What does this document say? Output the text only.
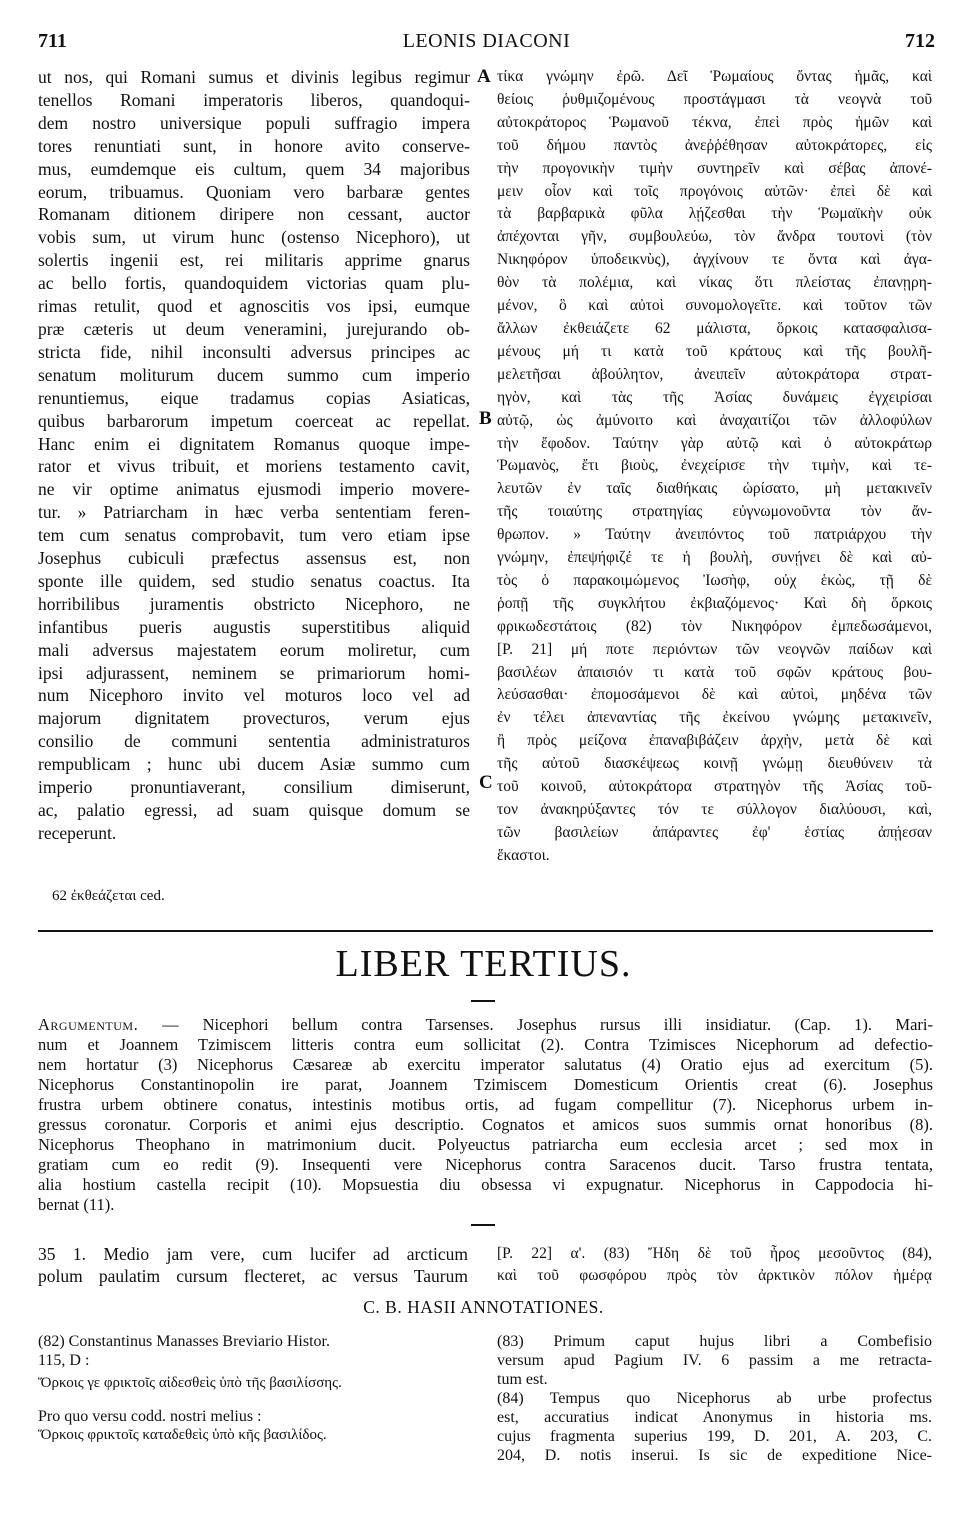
711	LEONIS DIACONI	712
ut nos, qui Romani sumus et divinis legibus regimur
tenellos Romani imperatoris liberos, quandoqui-
dem nostro universique populi suffragio impera
tores renuntiati sunt, in honore avito conserve-
mus, eumdemque eis cultum, quem 34 majoribus
eorum, tribuamus. Quoniam vero barbaræ gentes
Romanam ditionem diripere non cessant, auctor
vobis sum, ut virum hunc (ostenso Nicephoro), ut
solertis ingenii est, rei militaris apprime gnarus
ac bello fortis, quandoquidem victorias quam plu-
rimas retulit, quod et agnoscitis vos ipsi, eumque
præ cæteris ut deum veneramini, jurejurando ob-
stricta fide, nihil inconsulti adversus principes ac
senatum moliturum ducem summo cum imperio
renuntiemus, eique tradamus copias Asiaticas,
quibus barbarorum impetum coerceat ac repellat.
Hanc enim ei dignitatem Romanus quoque impe-
rator et vivus tribuit, et moriens testamento cavit,
ne vir optime animatus ejusmodi imperio movere-
tur. » Patriarcham in hæc verba sententiam feren-
tem cum senatus comprobavit, tum vero etiam ipse
Josephus cubiculi præfectus assensus est, non
sponte ille quidem, sed studio senatus coactus. Ita
horribilibus juramentis obstricto Nicephoro, ne
infantibus pueris augustis superstitibus aliquid
mali adversus majestatem eorum moliretur, cum
ipsi adjurassent, neminem se primariorum homi-
num Nicephoro invito vel moturos loco vel ad
majorum dignitatem provecturos, verum ejus
consilio de communi sententia administraturos
rempublicam ; hunc ubi ducem Asiæ summo cum
imperio pronuntiaverant, consilium dimiserunt,
ac, palatio egressi, ad suam quisque domum se
receperunt.
τίκα γνώμην ἐρῶ. Δεῖ Ῥωμαίους ὄντας ἡμᾶς, καὶ
θείοις ῥυθμιζομένους προστάγμασι τὰ νεογνὰ τοῦ
αὐτοκράτορος Ῥωμανοῦ τέκνα, ἐπεὶ πρὸς ἡμῶν καὶ
τοῦ δήμου παντὸς ἀνεῤῥέθησαν αὐτοκράτορες, εἰς
τὴν προγονικὴν τιμὴν συντηρεῖν καὶ σέβας ἀπονέ-
μειν οἷον καὶ τοῖς προγόνοις αὐτῶν· ἐπεὶ δὲ καὶ
τὰ βαρβαρικὰ φῦλα λῄζεσθαι τὴν Ῥωμαϊκὴν οὐκ
ἀπέχονται γῆν, συμβουλεύω, τὸν ἄνδρα τουτονὶ (τὸν
Νικηφόρον ὑποδεικνὺς), ἀγχίνουν τε ὄντα καὶ ἀγα-
θὸν τὰ πολέμια, καὶ νίκας ὅτι πλείστας ἐπανῃρη-
μένον, ὃ καὶ αὐτοὶ συνομολογεῖτε. καὶ τοῦτον τῶν
ἄλλων ἐκθειάζετε 62 μάλιστα, ὅρκοις κατασφαλισα-
μένους μή τι κατὰ τοῦ κράτους καὶ τῆς βουλῆ-
μελετῆσαι ἀβούλητον, ἀνειπεῖν αὐτοκράτορα στρατ-
ηγὸν, καὶ τὰς τῆς Ἀσίας δυνάμεις ἐγχειρίσαι
αὐτῷ, ὡς ἀμύνοιτο καὶ ἀναχαιτίζοι τῶν ἀλλοφύλων
τὴν ἔφοδον. Ταύτην γὰρ αὐτῷ καὶ ὁ αὐτοκράτωρ
Ῥωμανὸς, ἔτι βιοὺς, ἐνεχείρισε τὴν τιμὴν, καὶ τε-
λευτῶν ἐν ταῖς διαθήκαις ὡρίσατο, μὴ μετακινεῖν
τῆς τοιαύτης στρατηγίας εὐγνωμονοῦντα τὸν ἄν-
θρωπον. » Ταύτην ἀνειπόντος τοῦ πατριάρχου τὴν
γνώμην, ἐπεψήφιζέ τε ἡ βουλὴ, συνῄνει δὲ καὶ αὐ-
τὸς ὁ παρακοιμώμενος Ἰωσὴφ, οὐχ ἑκὼς, τῇ δὲ
ῥοπῇ τῆς συγκλήτου ἐκβιαζόμενος· Καὶ δὴ ὅρκοις
φρικωδεστάτοις (82) τὸν Νικηφόρον ἐμπεδωσάμενοι,
[P. 21] μή ποτε περιόντων τῶν νεογνῶν παίδων καὶ
βασιλέων ἀπαισιόν τι κατὰ τοῦ σφῶν κράτους βου-
λεύσασθαι· ἐπομοσάμενοι δὲ καὶ αὐτοὶ, μηδένα τῶν
ἐν τέλει ἀπεναντίας τῆς ἐκείνου γνώμης μετακινεῖν,
ἢ πρὸς μείζονα ἐπαναβιβάζειν ἀρχὴν, μετὰ δὲ καὶ
τῆς αὐτοῦ διασκέψεως κοινῇ γνώμῃ διευθύνειν τὰ
τοῦ κοινοῦ, αὐτοκράτορα στρατηγὸν τῆς Ἀσίας τοῦ-
τον ἀνακηρύξαντες τόν τε σύλλογον διαλύουσι, καὶ,
τῶν βασιλείων ἀπάραντες ἐφ' ἑστίας ἀπῄεσαν
ἕκαστοι.
A
B
C
62 ἐκθεάζεται ced.
LIBER TERTIUS.
Argumentum. — Nicephori bellum contra Tarsenses. Josephus rursus illi insidiatur. (Cap. 1). Mari-
num et Joannem Tzimiscem litteris contra eum sollicitat (2). Contra Tzimisces Nicephorum ad defectio-
nem hortatur (3) Nicephorus Cæsareæ ab exercitu imperator salutatus (4) Oratio ejus ad exercitum (5).
Nicephorus Constantinopolin ire parat, Joannem Tzimiscem Domesticum Orientis creat (6). Josephus
frustra urbem obtinere conatus, intestinis motibus ortis, ad fugam compellitur (7). Nicephorus urbem in-
gressus coronatur. Corporis et animi ejus descriptio. Cognatos et amicos suos summis ornat honoribus (8).
Nicephorus Theophano in matrimonium ducit. Polyeuctus patriarcha eum ecclesia arcet ; sed mox in
gratiam cum eo redit (9). Insequenti vere Nicephorus contra Saracenos ducit. Tarso frustra tentata,
alia hostium castella recipit (10). Mopsuestia diu obsessa vi expugnatur. Nicephorus in Cappodocia hi-
bernat (11).
35 1. Medio jam vere, cum lucifer ad arcticum
polum paulatim cursum flecteret, ac versus Taurum
[P. 22] α'. (83) Ἤδη δὲ τοῦ ἦρος μεσοῦντος (84),
καὶ τοῦ φωσφόρου πρὸς τὸν ἀρκτικὸν πόλον ἠμέρᾳ
C. B. HASII ANNOTATIONES.
(82) Constantinus Manasses Breviario Histor.
115, D :
Ὅρκοις γε φρικτοῖς αἰδεσθεὶς ὑπὸ τῆς βασιλίσσης.
Pro quo versu codd. nostri melius :
Ὅρκοις φρικτοῖς καταδεθεὶς ὑπὸ κῆς βασιλίδος.
(83) Primum caput hujus libri a Combefisio
versum apud Pagium IV. 6 passim a me retracta-
tum est.
(84) Tempus quo Nicephorus ab urbe profectus
est, accuratius indicat Anonymus in historia ms.
cujus fragmenta superius 199, D. 201, A. 203, C.
204, D. notis inserui. Is sic de expeditione Nice-
